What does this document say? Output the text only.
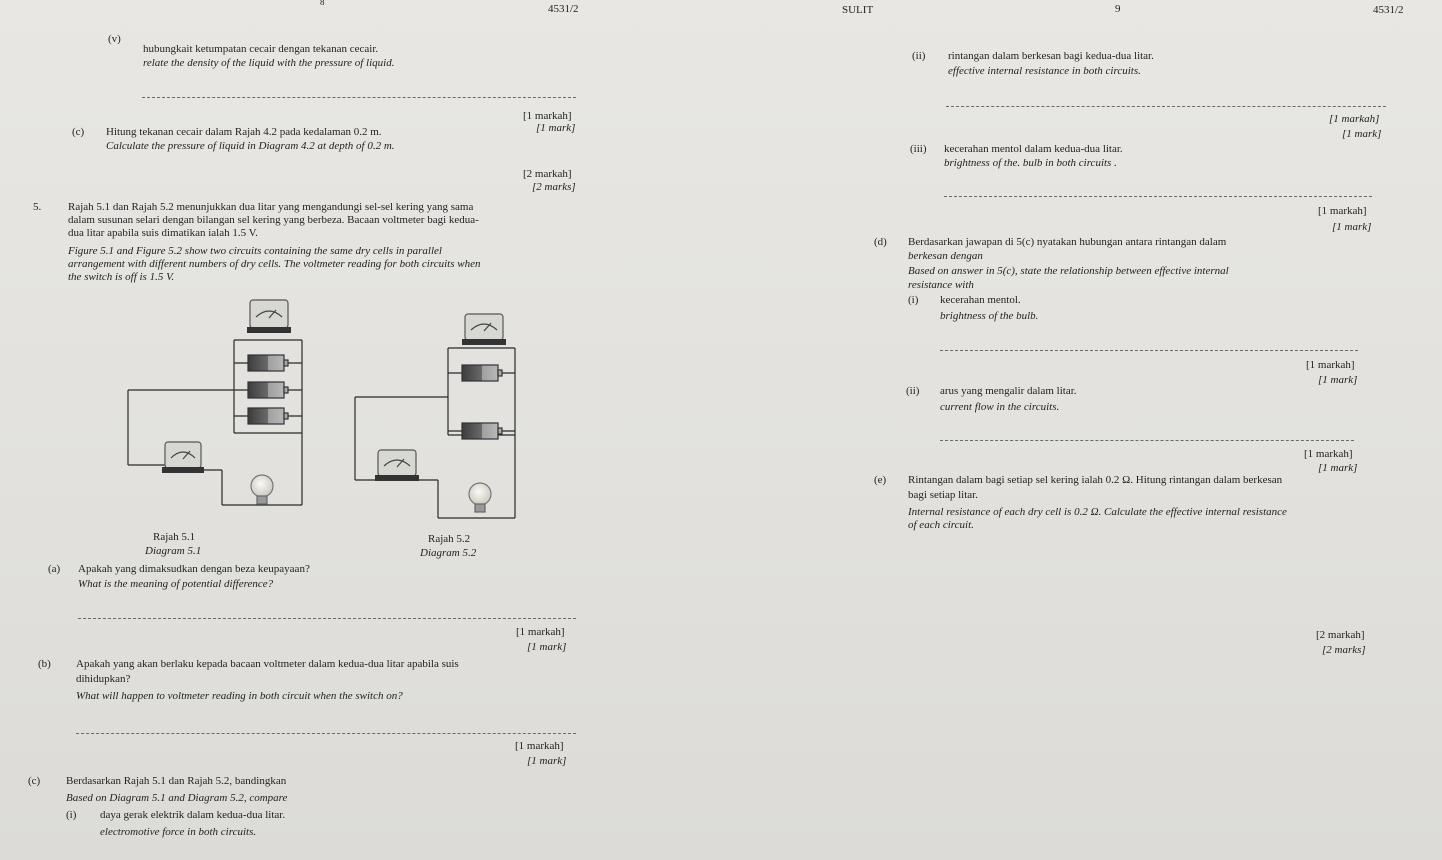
8
4531/2	SULIT	9	4531/2
(v)
hubungkait ketumpatan cecair dengan tekanan cecair.
relate the density of the liquid with the pressure of liquid.
[1 markah]
[1 mark]
(c) Hitung tekanan cecair dalam Rajah 4.2 pada kedalaman 0.2 m.
Calculate the pressure of liquid in Diagram 4.2 at depth of 0.2 m.
[2 markah]
[2 marks]
5. Rajah 5.1 dan Rajah 5.2 menunjukkan dua litar yang mengandungi sel-sel kering yang sama
dalam susunan selari dengan bilangan sel kering yang berbeza. Bacaan voltmeter bagi kedua-
dua litar apabila suis dimatikan ialah 1.5 V.
Figure 5.1 and Figure 5.2 show two circuits containing the same dry cells in parallel
arrangement with different numbers of dry cells. The voltmeter reading for both circuits when
the switch is off is 1.5 V.
Rajah 5.1
Diagram 5.1
Rajah 5.2
Diagram 5.2
(a) Apakah yang dimaksudkan dengan beza keupayaan?
What is the meaning of potential difference?
[1 markah]
[1 mark]
(b) Apakah yang akan berlaku kepada bacaan voltmeter dalam kedua-dua litar apabila suis
dihidupkan?
What will happen to voltmeter reading in both circuit when the switch on?
[1 markah]
[1 mark]
(c) Berdasarkan Rajah 5.1 dan Rajah 5.2, bandingkan
Based on Diagram 5.1 and Diagram 5.2, compare
(i) daya gerak elektrik dalam kedua-dua litar.
electromotive force in both circuits.
(ii) rintangan dalam berkesan bagi kedua-dua litar.
effective internal resistance in both circuits.
[1 markah]
[1 mark]
(iii) kecerahan mentol dalam kedua-dua litar.
brightness of the. bulb in both circuits .
[1 markah]
[1 mark]
(d) Berdasarkan jawapan di 5(c) nyatakan hubungan antara rintangan dalam
berkesan dengan
Based on answer in 5(c), state the relationship between effective internal
resistance with
(i) kecerahan mentol.
brightness of the bulb.
[1 markah]
[1 mark]
(ii) arus yang mengalir dalam litar.
current flow in the circuits.
[1 markah]
[1 mark]
(e) Rintangan dalam bagi setiap sel kering ialah 0.2 Ω. Hitung rintangan dalam berkesan
bagi setiap litar.
Internal resistance of each dry cell is 0.2 Ω. Calculate the effective internal resistance
of each circuit.
[2 markah]
[2 marks]
